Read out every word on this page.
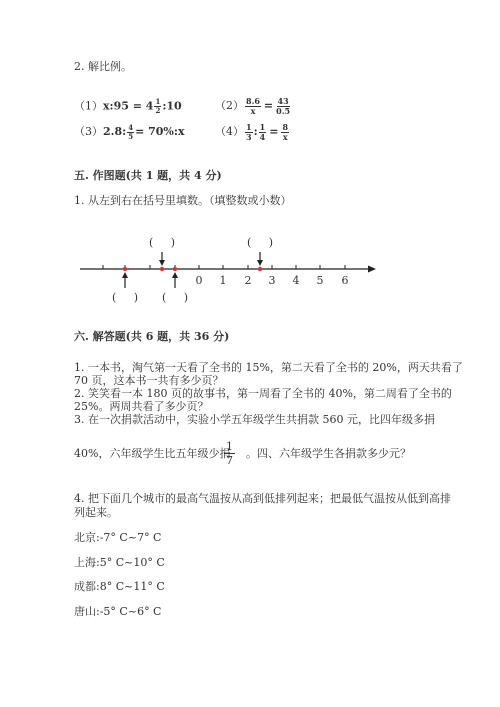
2. 解比例。
（1）x:95 = $4 \frac{1}{2}$ :10	$(2) \frac{8.6}{x} = \frac{43}{0.5}$
（3） 2.8: $\frac{4}{5}$ = 70%:x	$(4) \frac{1}{3}$ : $\frac{1}{4} = \frac{8}{x}$
五. 作图题(共 1 题，共 4 分)
1. 从左到右在括号里填数。（填整数或小数）
0 1 2 3 4 5 6
(     )	(     )
(     ) (     )
六. 解答题(共 6 题，共 36 分)
1. 一本书，淘气第一天看了全书的 15%，第二天看了全书的 20%，两天共看了
70 页，这本书一共有多少页？
2. 笑笑看一本 180 页的故事书，第一周看了全书的 40%，第二周看了全书的
25%。两周共看了多少页？
3. 在一次捐款活动中，实验小学五年级学生共捐款 560 元，比四年级多捐
40%，六年级学生比五年级少捐
$\frac{1}{7}$ 。四、六年级学生各捐款多少元？
4. 把下面几个城市的最高气温按从高到低排列起来；把最低气温按从低到高排
列起来。
北京:-7° C~7° C
上海:5° C~10° C
成都:8° C~11° C
唐山:-5° C~6° C
